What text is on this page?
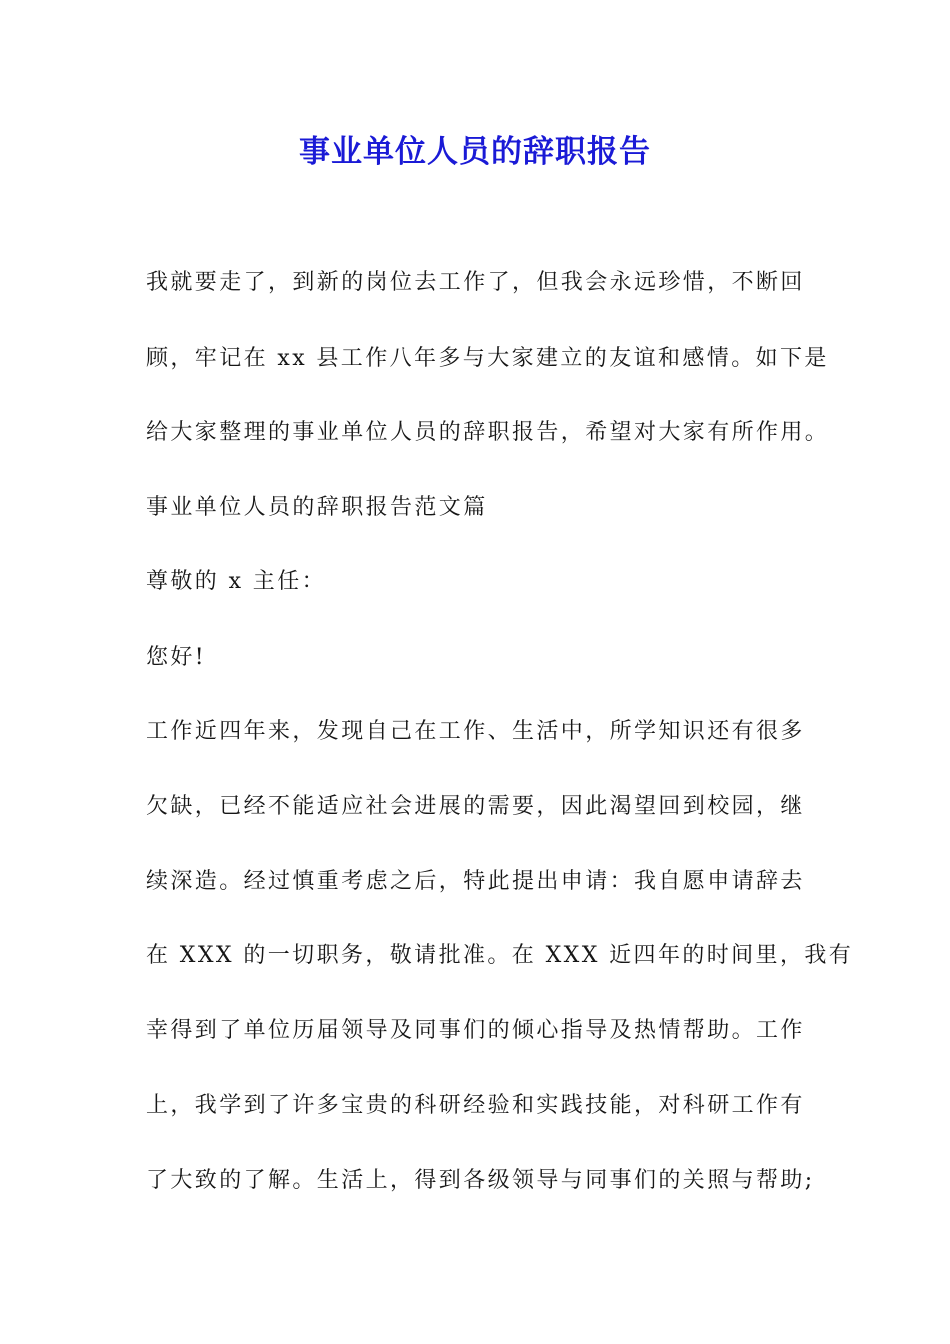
事业单位人员的辞职报告
我就要走了，到新的岗位去工作了，但我会永远珍惜，不断回
顾，牢记在 xx 县工作八年多与大家建立的友谊和感情。如下是
给大家整理的事业单位人员的辞职报告，希望对大家有所作用。
事业单位人员的辞职报告范文篇
尊敬的 x 主任：
您好!
工作近四年来，发现自己在工作、生活中，所学知识还有很多
欠缺，已经不能适应社会进展的需要，因此渴望回到校园，继
续深造。经过慎重考虑之后，特此提出申请：我自愿申请辞去
在 XXX 的一切职务，敬请批准。在 XXX 近四年的时间里，我有
幸得到了单位历届领导及同事们的倾心指导及热情帮助。工作
上，我学到了许多宝贵的科研经验和实践技能，对科研工作有
了大致的了解。生活上，得到各级领导与同事们的关照与帮助;
